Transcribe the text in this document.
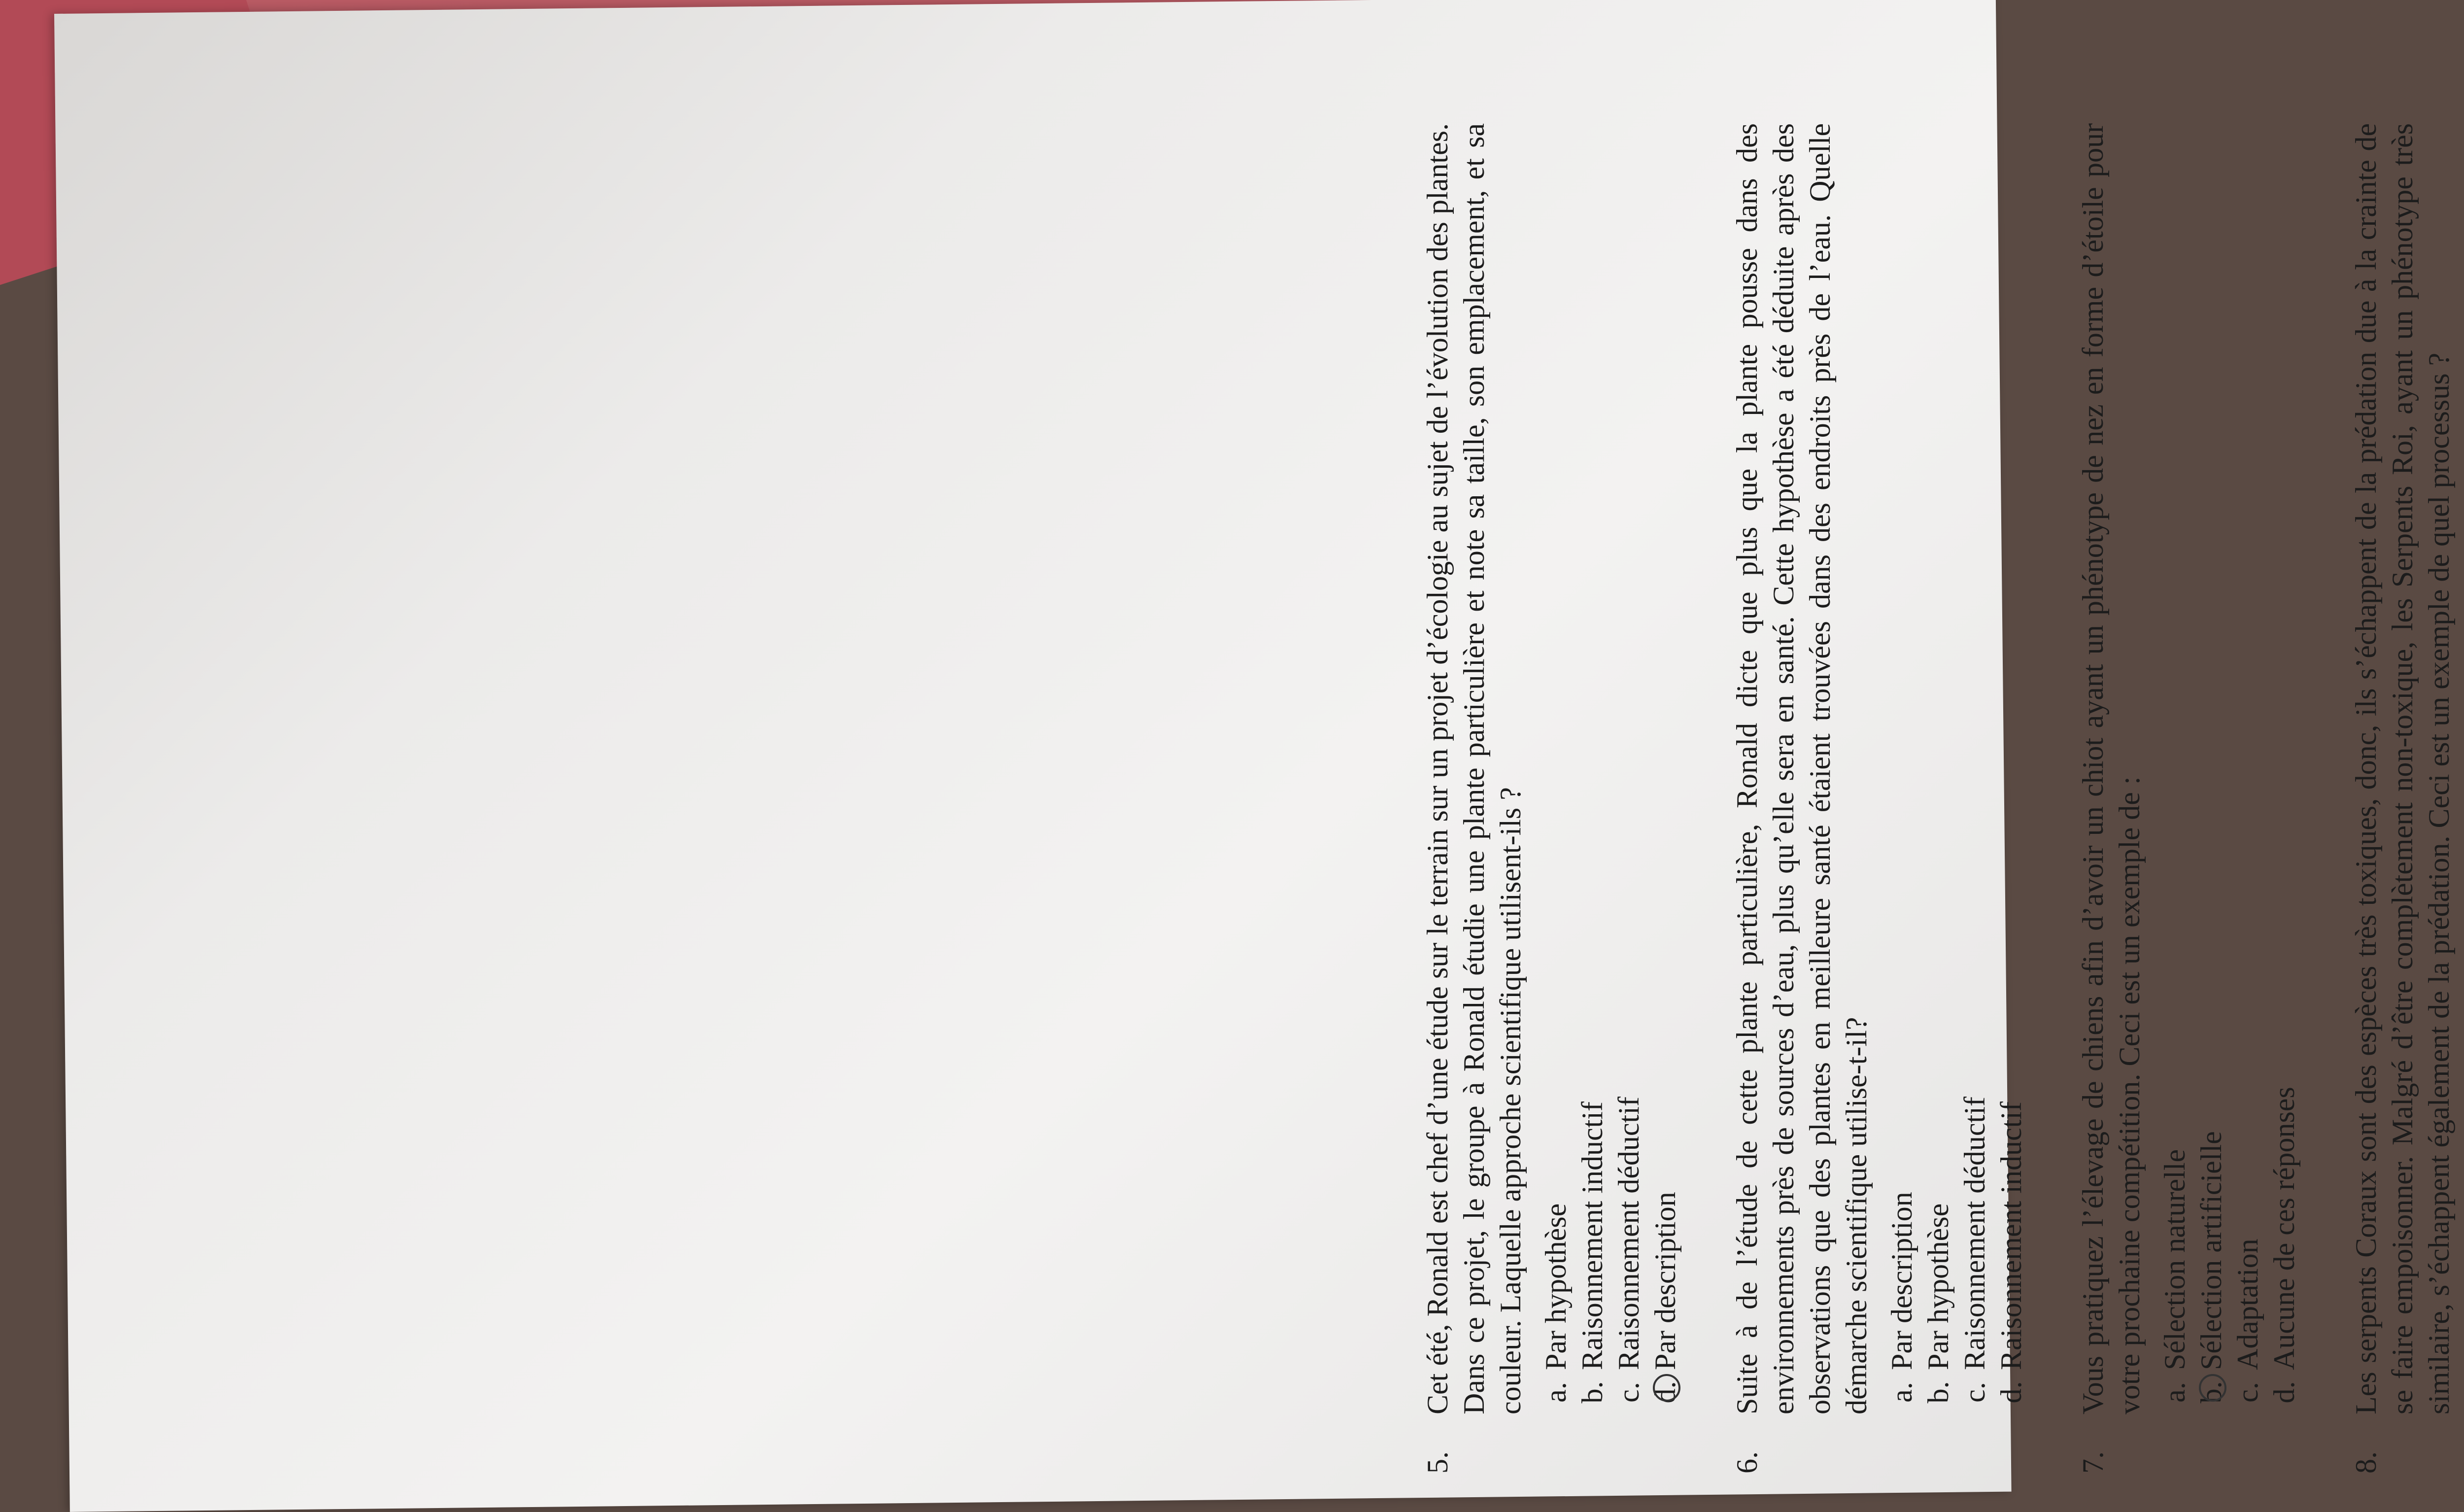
5.

Cet été, Ronald est chef d’une étude sur le terrain sur un projet d’écologie au sujet de l’évolution des plantes. Dans ce projet, le groupe à Ronald étudie une plante particulière et note sa taille, son emplacement, et sa couleur. Laquelle approche scientifique utilisent-ils ? a.
Par hypothèse
b.
Raisonnement inductif
c.
Raisonnement déductif
d.
Par description
6.

Suite à de l’étude de cette plante particulière, Ronald dicte que plus que la plante pousse dans des environnements près de sources d’eau, plus qu’elle sera en santé. Cette hypothèse a été déduite après des observations que des plantes en meilleure santé étaient trouvées dans des endroits près de l’eau. Quelle démarche scientifique utilise-t-il? a.
Par description
b.
Par hypothèse
c.
Raisonnement déductif
d.
Raisonnement inductif
7.

Vous pratiquez l’élevage de chiens afin d’avoir un chiot ayant un phénotype de nez en forme d’étoile pour votre prochaine compétition. Ceci est un exemple de : a.
Sélection naturelle
b.
Sélection artificielle
c.
Adaptation
d.
Aucune de ces réponses
8.

Les serpents Coraux sont des espèces très toxiques, donc, ils s’échappent de la prédation due à la crainte de se faire empoisonner. Malgré d’être complètement non-toxique, les Serpents Roi, ayant un phénotype très similaire, s’échappent également de la prédation. Ceci est un exemple de quel processus ?
